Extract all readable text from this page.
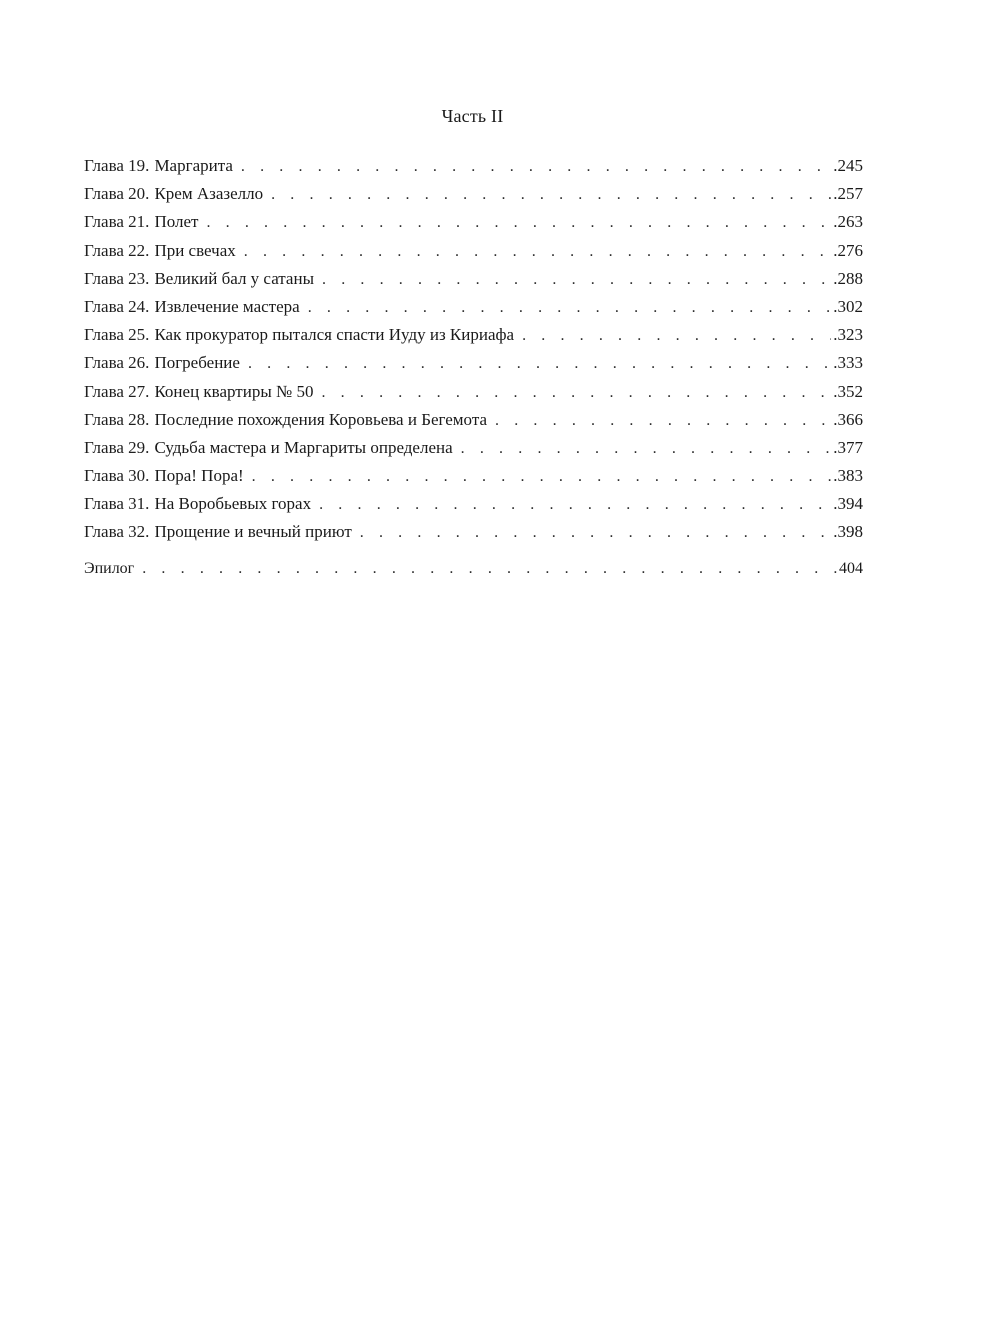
Часть II
Глава 19. Маргарита . . .	.245
Глава 20. Крем Азазелло . . .	.257
Глава 21. Полет . . .	.263
Глава 22. При свечах . . .	.276
Глава 23. Великий бал у сатаны . . .	.288
Глава 24. Извлечение мастера . . .	.302
Глава 25. Как прокуратор пытался спасти Иуду из Кириафа . . .	.323
Глава 26. Погребение . . .	.333
Глава 27. Конец квартиры № 50 . . .	.352
Глава 28. Последние похождения Коровьева и Бегемота . . .	.366
Глава 29. Судьба мастера и Маргариты определена . . .	.377
Глава 30. Пора! Пора! . . .	.383
Глава 31. На Воробьевых горах . . .	.394
Глава 32. Прощение и вечный приют . . .	.398
Эпилог . . .	404
